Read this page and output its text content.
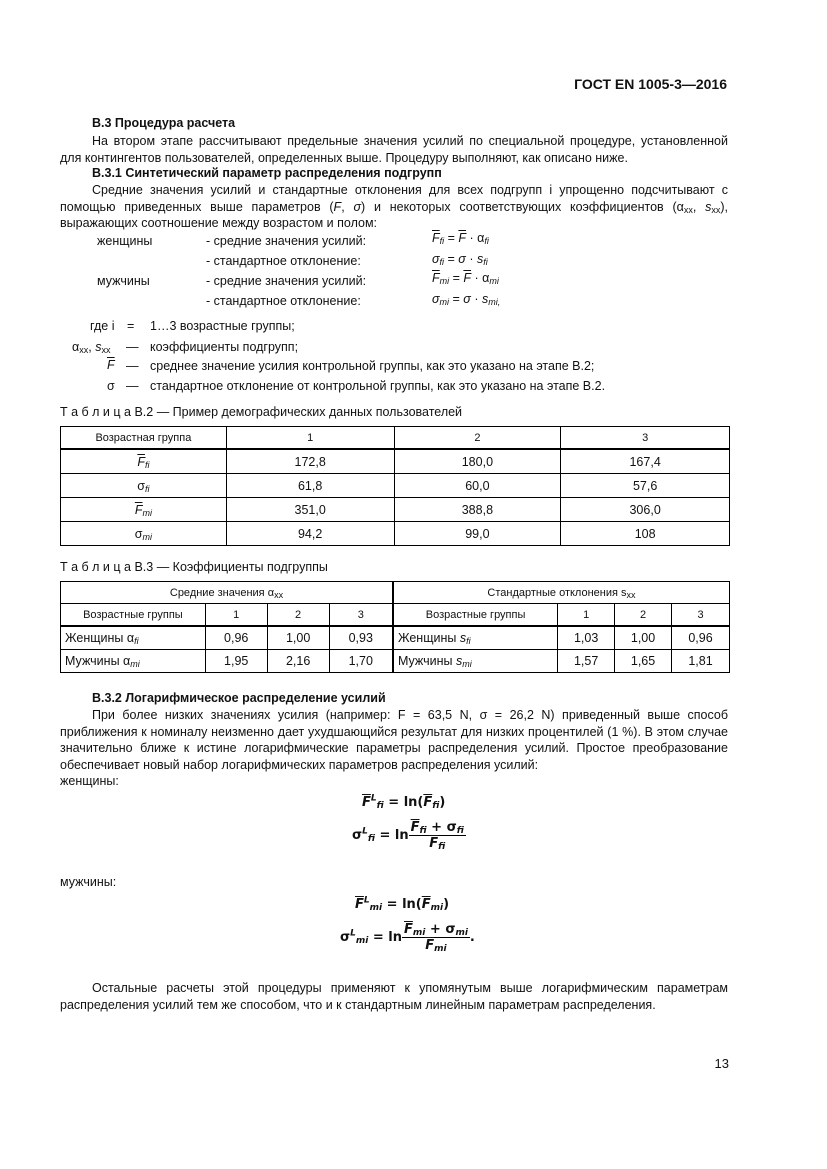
ГОСТ EN 1005-3—2016
B.3 Процедура расчета
На втором этапе рассчитывают предельные значения усилий по специальной процедуре, установленной для контингентов пользователей, определенных выше. Процедуру выполняют, как описано ниже.
B.3.1 Синтетический параметр распределения подгрупп
Средние значения усилий и стандартные отклонения для всех подгрупп i упрощенно подсчитывают с помощью приведенных выше параметров (F, σ) и некоторых соответствующих коэффициентов ($\alpha_{xx}$, $s_{xx}$), выражающих соотношение между возрастом и полом:
женщины	- средние значения усилий:	$\overline{F}_{fi} = \overline{F} \cdot \alpha_{fi}$
- стандартное отклонение:	$\sigma_{fi} = \sigma \cdot s_{fi}$
мужчины	- средние значения усилий:	$\overline{F}_{mi} = \overline{F} \cdot \alpha_{mi}$
- стандартное отклонение:	$\sigma_{mi} = \sigma \cdot s_{mi,}$
где i = 1…3 возрастные группы;
$\alpha_{xx}$, $s_{xx}$ — коэффициенты подгрупп;
$\overline{F}$ — среднее значение усилия контрольной группы, как это указано на этапе B.2;
σ — стандартное отклонение от контрольной группы, как это указано на этапе B.2.
Т а б л и ц а B.2 — Пример демографических данных пользователей
Возрастная группа	1	2	3
$\overline{F}_{fi}$	172,8	180,0	167,4
$\sigma_{fi}$	61,8	60,0	57,6
$\overline{F}_{mi}$	351,0	388,8	306,0
$\sigma_{mi}$	94,2	99,0	108
Т а б л и ц а B.3 — Коэффициенты подгруппы
Средние значения $\alpha_{xx}$				Стандартные отклонения $s_{xx}$
Возрастные группы	1	2	3	Возрастные группы	1	2	3
Женщины $\alpha_{fi}$	0,96	1,00	0,93	Женщины $s_{fi}$	1,03	1,00	0,96
Мужчины $\alpha_{mi}$	1,95	2,16	1,70	Мужчины $s_{mi}$	1,57	1,65	1,81
B.3.2 Логарифмическое распределение усилий
При более низких значениях усилия (например: F = 63,5 N, σ = 26,2 N) приведенный выше способ приближения к номиналу неизменно дает ухудшающийся результат для низких процентилей (1 %). В этом случае значительно ближе к истине логарифмические параметры распределения усилий. Простое преобразование обеспечивает новый набор логарифмических параметров распределения усилий:
женщины:
$\overline{F}^L_{fi} = \ln(\overline{F}_{fi})$
$\sigma^L_{fi} = \ln \frac{\overline{F}_{fi} + \sigma_{fi}}{\overline{F}_{fi}}$
мужчины:
$\overline{F}^L_{mi} = \ln(\overline{F}_{mi})$
$\sigma^L_{mi} = \ln \frac{\overline{F}_{mi} + \sigma_{mi}}{\overline{F}_{mi}}$ .
Остальные расчеты этой процедуры применяют к упомянутым выше логарифмическим параметрам распределения усилий тем же способом, что и к стандартным линейным параметрам распределения.
13
